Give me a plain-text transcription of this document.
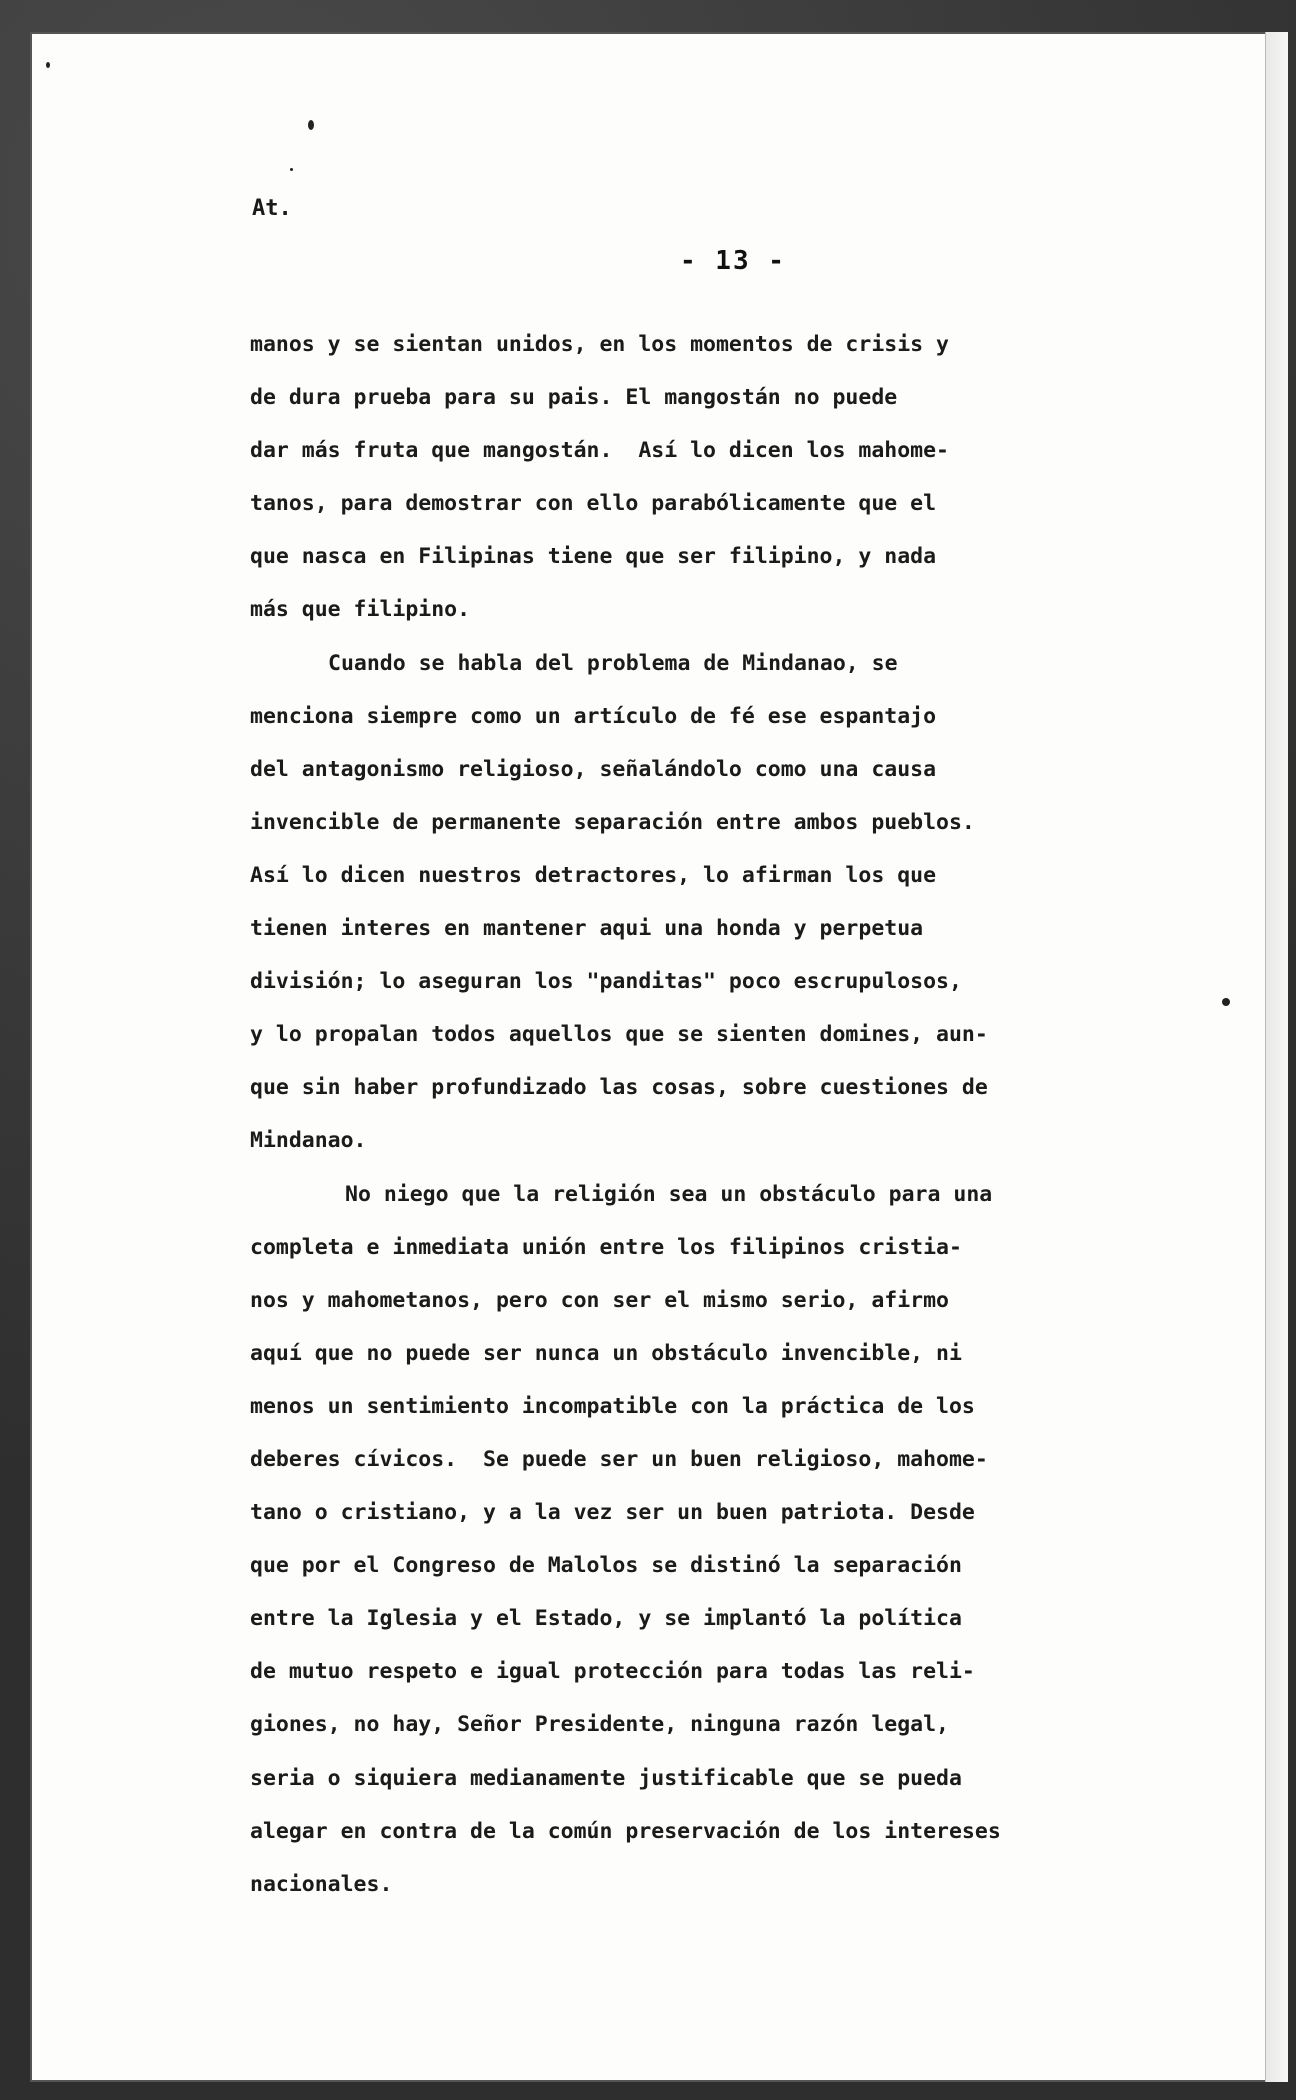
At.
- 13 -
manos y se sientan unidos, en los momentos de crisis y
de dura prueba para su pais. El mangostán no puede
dar más fruta que mangostán.  Así lo dicen los mahome-
tanos, para demostrar con ello parabólicamente que el
que nasca en Filipinas tiene que ser filipino, y nada
más que filipino.
Cuando se habla del problema de Mindanao, se
menciona siempre como un artículo de fé ese espantajo
del antagonismo religioso, señalándolo como una causa
invencible de permanente separación entre ambos pueblos.
Así lo dicen nuestros detractores, lo afirman los que
tienen interes en mantener aqui una honda y perpetua
división; lo aseguran los "panditas" poco escrupulosos,
y lo propalan todos aquellos que se sienten domines, aun-
que sin haber profundizado las cosas, sobre cuestiones de
Mindanao.
No niego que la religión sea un obstáculo para una
completa e inmediata unión entre los filipinos cristia-
nos y mahometanos, pero con ser el mismo serio, afirmo
aquí que no puede ser nunca un obstáculo invencible, ni
menos un sentimiento incompatible con la práctica de los
deberes cívicos.  Se puede ser un buen religioso, mahome-
tano o cristiano, y a la vez ser un buen patriota. Desde
que por el Congreso de Malolos se distinó la separación
entre la Iglesia y el Estado, y se implantó la política
de mutuo respeto e igual protección para todas las reli-
giones, no hay, Señor Presidente, ninguna razón legal,
seria o siquiera medianamente justificable que se pueda
alegar en contra de la común preservación de los intereses
nacionales.
